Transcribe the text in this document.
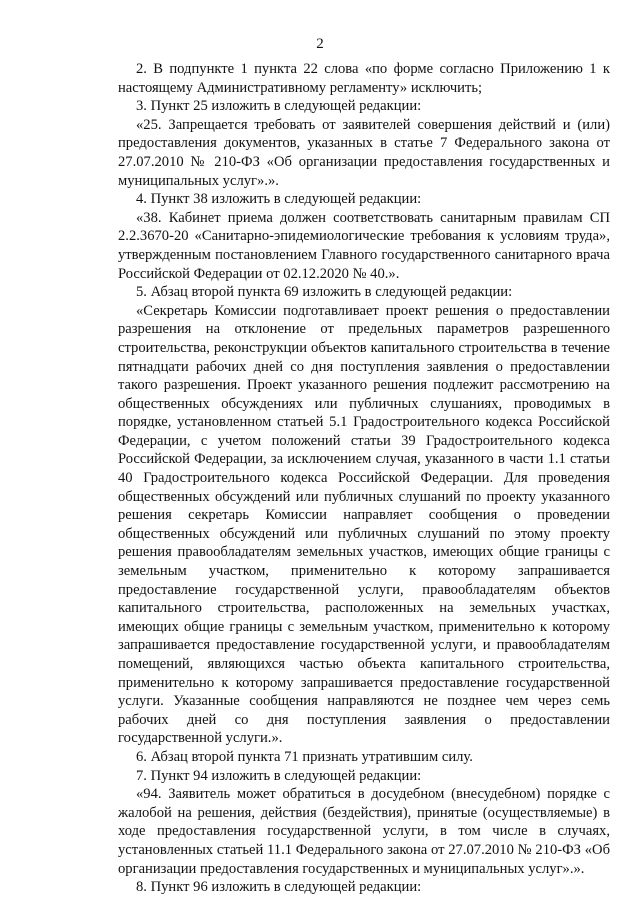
2

2. В подпункте 1 пункта 22 слова «по форме согласно Приложению 1 к настоящему Административному регламенту» исключить;

3. Пункт 25 изложить в следующей редакции:

«25. Запрещается требовать от заявителей совершения действий и (или) предоставления документов, указанных в статье 7 Федерального закона от 27.07.2010 № 210-ФЗ «Об организации предоставления государственных и муниципальных услуг».».

4. Пункт 38 изложить в следующей редакции:

«38. Кабинет приема должен соответствовать санитарным правилам СП 2.2.3670-20 «Санитарно-эпидемиологические требования к условиям труда», утвержденным постановлением Главного государственного санитарного врача Российской Федерации от 02.12.2020 № 40.».

5. Абзац второй пункта 69 изложить в следующей редакции:

«Секретарь Комиссии подготавливает проект решения о предоставлении разрешения на отклонение от предельных параметров разрешенного строительства, реконструкции объектов капитального строительства в течение пятнадцати рабочих дней со дня поступления заявления о предоставлении такого разрешения. Проект указанного решения подлежит рассмотрению на общественных обсуждениях или публичных слушаниях, проводимых в порядке, установленном статьей 5.1 Градостроительного кодекса Российской Федерации, с учетом положений статьи 39 Градостроительного кодекса Российской Федерации, за исключением случая, указанного в части 1.1 статьи 40 Градостроительного кодекса Российской Федерации. Для проведения общественных обсуждений или публичных слушаний по проекту указанного решения секретарь Комиссии направляет сообщения о проведении общественных обсуждений или публичных слушаний по этому проекту решения правообладателям земельных участков, имеющих общие границы с земельным участком, применительно к которому запрашивается предоставление государственной услуги, правообладателям объектов капитального строительства, расположенных на земельных участках, имеющих общие границы с земельным участком, применительно к которому запрашивается предоставление государственной услуги, и правообладателям помещений, являющихся частью объекта капитального строительства, применительно к которому запрашивается предоставление государственной услуги. Указанные сообщения направляются не позднее чем через семь рабочих дней со дня поступления заявления о предоставлении государственной услуги.».

6. Абзац второй пункта 71 признать утратившим силу.

7. Пункт 94 изложить в следующей редакции:

«94. Заявитель может обратиться в досудебном (внесудебном) порядке с жалобой на решения, действия (бездействия), принятые (осуществляемые) в ходе предоставления государственной услуги, в том числе в случаях, установленных статьей 11.1 Федерального закона от 27.07.2010 № 210-ФЗ «Об организации предоставления государственных и муниципальных услуг».».

8. Пункт 96 изложить в следующей редакции:
